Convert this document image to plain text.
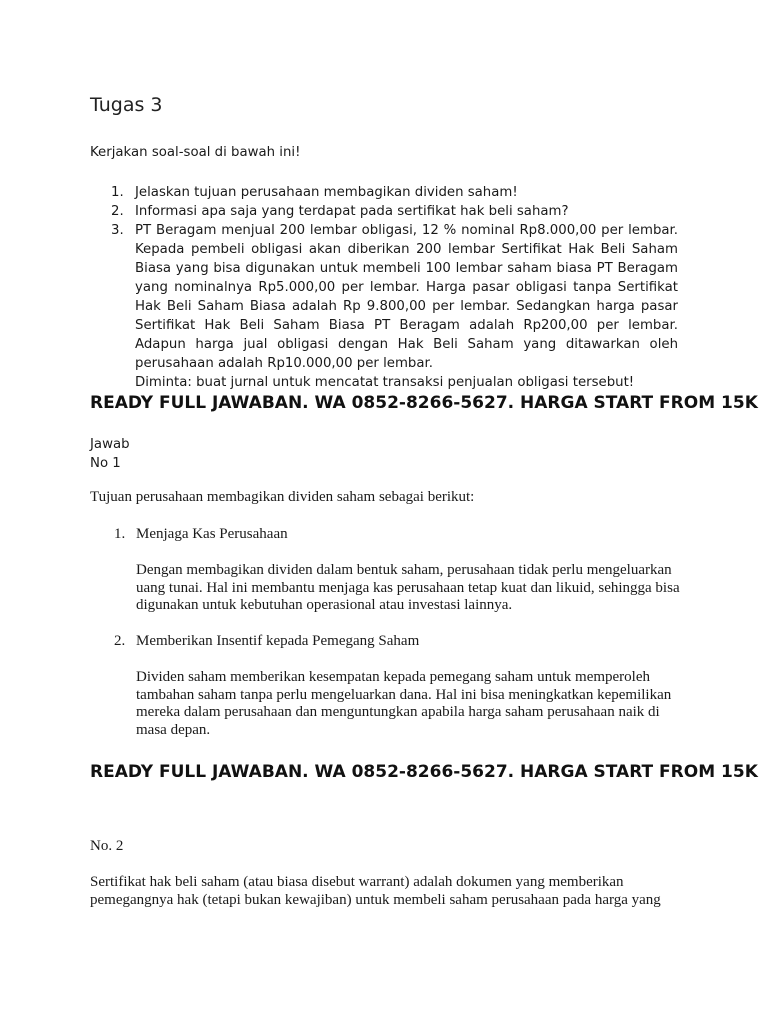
Tugas 3

Kerjakan soal-soal di bawah ini!

1. Jelaskan tujuan perusahaan membagikan dividen saham!
2. Informasi apa saja yang terdapat pada sertifikat hak beli saham?
3. PT Beragam menjual 200 lembar obligasi, 12 % nominal Rp8.000,00 per lembar. Kepada pembeli obligasi akan diberikan 200 lembar Sertifikat Hak Beli Saham Biasa yang bisa digunakan untuk membeli 100 lembar saham biasa PT Beragam yang nominalnya Rp5.000,00 per lembar. Harga pasar obligasi tanpa Sertifikat Hak Beli Saham Biasa adalah Rp 9.800,00 per lembar. Sedangkan harga pasar Sertifikat Hak Beli Saham Biasa PT Beragam adalah Rp200,00 per lembar. Adapun harga jual obligasi dengan Hak Beli Saham yang ditawarkan oleh perusahaan adalah Rp10.000,00 per lembar.
Diminta: buat jurnal untuk mencatat transaksi penjualan obligasi tersebut!

READY FULL JAWABAN. WA 0852-8266-5627. HARGA START FROM 15K

Jawab
No 1

Tujuan perusahaan membagikan dividen saham sebagai berikut:

1. Menjaga Kas Perusahaan

Dengan membagikan dividen dalam bentuk saham, perusahaan tidak perlu mengeluarkan uang tunai. Hal ini membantu menjaga kas perusahaan tetap kuat dan likuid, sehingga bisa digunakan untuk kebutuhan operasional atau investasi lainnya.

2. Memberikan Insentif kepada Pemegang Saham

Dividen saham memberikan kesempatan kepada pemegang saham untuk memperoleh tambahan saham tanpa perlu mengeluarkan dana. Hal ini bisa meningkatkan kepemilikan mereka dalam perusahaan dan menguntungkan apabila harga saham perusahaan naik di masa depan.

READY FULL JAWABAN. WA 0852-8266-5627. HARGA START FROM 15K

No. 2

Sertifikat hak beli saham (atau biasa disebut warrant) adalah dokumen yang memberikan pemegangnya hak (tetapi bukan kewajiban) untuk membeli saham perusahaan pada harga yang
